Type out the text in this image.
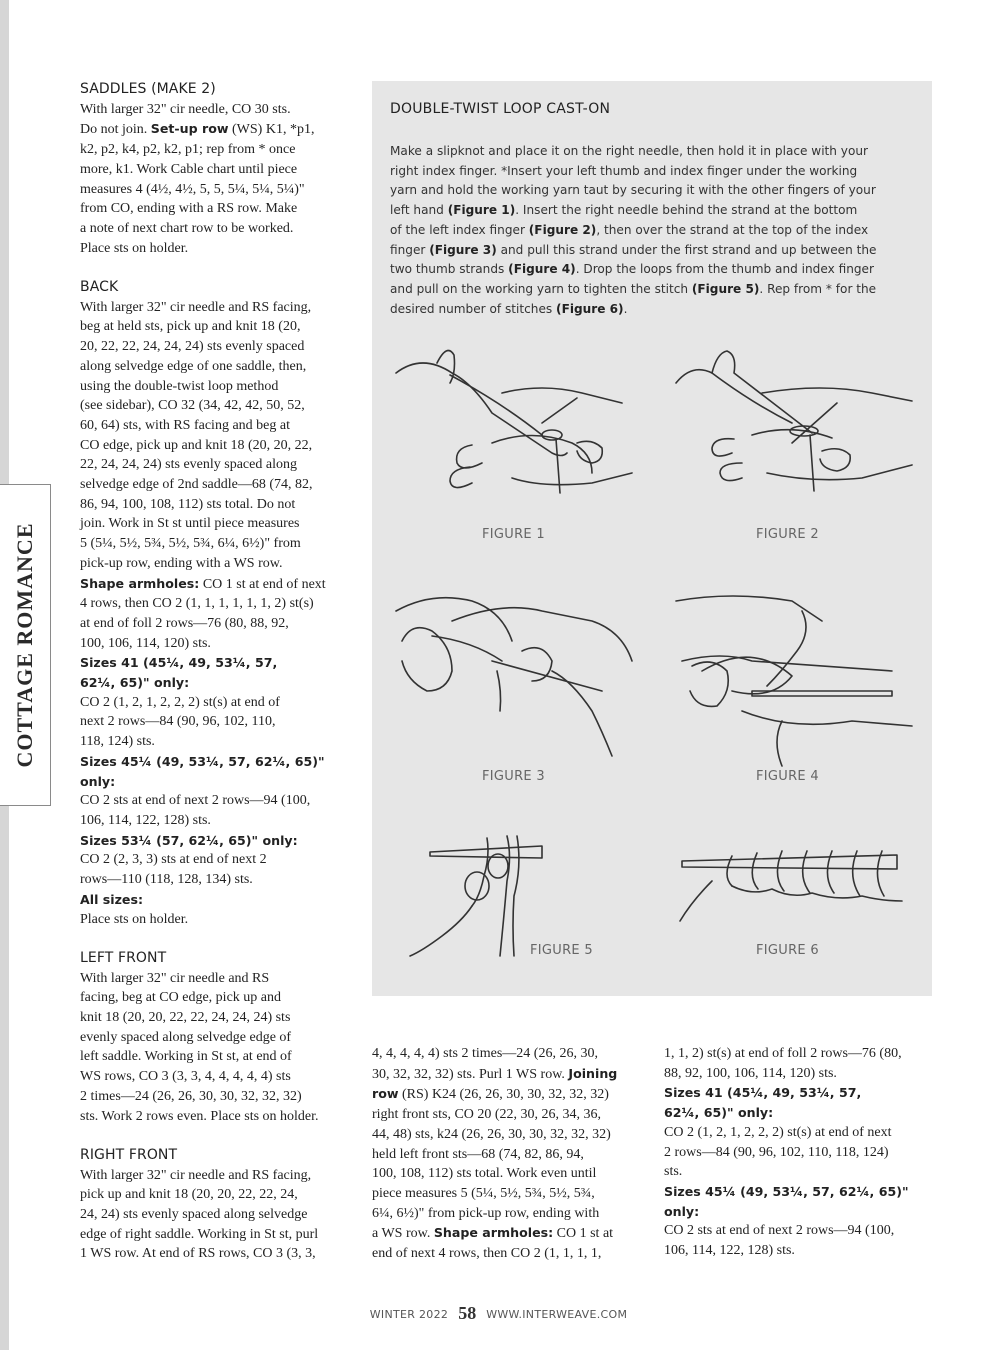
COTTAGE ROMANCE
SADDLES (MAKE 2)
With larger 32" cir needle, CO 30 sts.
Do not join. Set-up row (WS) K1, *p1,
k2, p2, k4, p2, k2, p1; rep from * once
more, k1. Work Cable chart until piece
measures 4 (4½, 4½, 5, 5, 5¼, 5¼, 5¼)"
from CO, ending with a RS row. Make
a note of next chart row to be worked.
Place sts on holder.
BACK
With larger 32" cir needle and RS facing,
beg at held sts, pick up and knit 18 (20,
20, 22, 22, 24, 24, 24) sts evenly spaced
along selvedge edge of one saddle, then,
using the double-twist loop method
(see sidebar), CO 32 (34, 42, 42, 50, 52,
60, 64) sts, with RS facing and beg at
CO edge, pick up and knit 18 (20, 20, 22,
22, 24, 24, 24) sts evenly spaced along
selvedge edge of 2nd saddle—68 (74, 82,
86, 94, 100, 108, 112) sts total. Do not
join. Work in St st until piece measures
5 (5¼, 5½, 5¾, 5½, 5¾, 6¼, 6½)" from
pick-up row, ending with a WS row.
Shape armholes: CO 1 st at end of next
4 rows, then CO 2 (1, 1, 1, 1, 1, 1, 2) st(s)
at end of foll 2 rows—76 (80, 88, 92,
100, 106, 114, 120) sts.
Sizes 41 (45¼, 49, 53¼, 57,
62¼, 65)" only:
CO 2 (1, 2, 1, 2, 2, 2) st(s) at end of
next 2 rows—84 (90, 96, 102, 110,
118, 124) sts.
Sizes 45¼ (49, 53¼, 57, 62¼, 65)"
only:
CO 2 sts at end of next 2 rows—94 (100,
106, 114, 122, 128) sts.
Sizes 53¼ (57, 62¼, 65)" only:
CO 2 (2, 3, 3) sts at end of next 2
rows—110 (118, 128, 134) sts.
All sizes:
Place sts on holder.
LEFT FRONT
With larger 32" cir needle and RS
facing, beg at CO edge, pick up and
knit 18 (20, 20, 22, 22, 24, 24, 24) sts
evenly spaced along selvedge edge of
left saddle. Working in St st, at end of
WS rows, CO 3 (3, 3, 4, 4, 4, 4, 4) sts
2 times—24 (26, 26, 30, 30, 32, 32, 32)
sts. Work 2 rows even. Place sts on holder.
RIGHT FRONT
With larger 32" cir needle and RS facing,
pick up and knit 18 (20, 20, 22, 22, 24,
24, 24) sts evenly spaced along selvedge
edge of right saddle. Working in St st, purl
1 WS row. At end of RS rows, CO 3 (3, 3,
DOUBLE-TWIST LOOP CAST-ON
Make a slipknot and place it on the right needle, then hold it in place with your
right index finger. *Insert your left thumb and index finger under the working
yarn and hold the working yarn taut by securing it with the other fingers of your
left hand (Figure 1). Insert the right needle behind the strand at the bottom
of the left index finger (Figure 2), then over the strand at the top of the index
finger (Figure 3) and pull this strand under the first strand and up between the
two thumb strands (Figure 4). Drop the loops from the thumb and index finger
and pull on the working yarn to tighten the stitch (Figure 5). Rep from * for the
desired number of stitches (Figure 6).
FIGURE 1	FIGURE 2
FIGURE 3	FIGURE 4
FIGURE 5	FIGURE 6
4, 4, 4, 4, 4) sts 2 times—24 (26, 26, 30,
30, 32, 32, 32) sts. Purl 1 WS row. Joining
row (RS) K24 (26, 26, 30, 30, 32, 32, 32)
right front sts, CO 20 (22, 30, 26, 34, 36,
44, 48) sts, k24 (26, 26, 30, 30, 32, 32, 32)
held left front sts—68 (74, 82, 86, 94,
100, 108, 112) sts total. Work even until
piece measures 5 (5¼, 5½, 5¾, 5½, 5¾,
6¼, 6½)" from pick-up row, ending with
a WS row. Shape armholes: CO 1 st at
end of next 4 rows, then CO 2 (1, 1, 1, 1,
1, 1, 2) st(s) at end of foll 2 rows—76 (80,
88, 92, 100, 106, 114, 120) sts.
Sizes 41 (45¼, 49, 53¼, 57,
62¼, 65)" only:
CO 2 (1, 2, 1, 2, 2, 2) st(s) at end of next
2 rows—84 (90, 96, 102, 110, 118, 124)
sts.
Sizes 45¼ (49, 53¼, 57, 62¼, 65)"
only:
CO 2 sts at end of next 2 rows—94 (100,
106, 114, 122, 128) sts.
WINTER 2022 58 WWW.INTERWEAVE.COM
